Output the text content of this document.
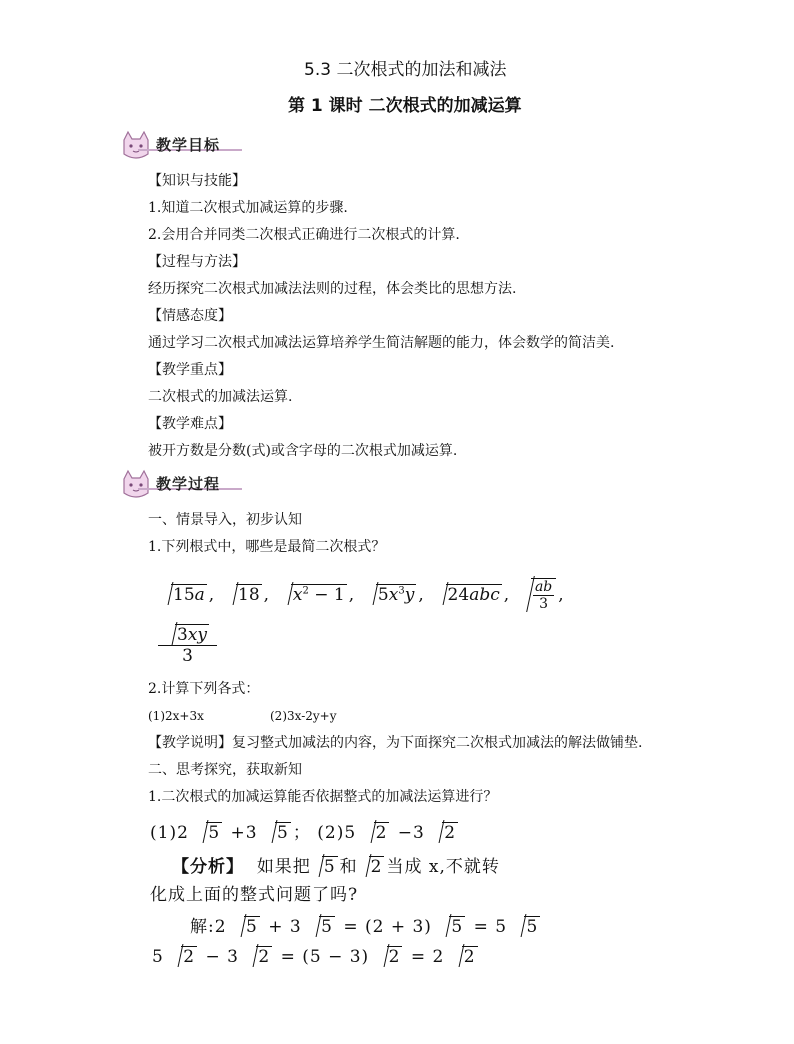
5.3 二次根式的加法和减法
第 1 课时 二次根式的加减运算
教学目标
【知识与技能】
1.知道二次根式加减运算的步骤.
2.会用合并同类二次根式正确进行二次根式的计算.
【过程与方法】
经历探究二次根式加减法法则的过程，体会类比的思想方法.
【情感态度】
通过学习二次根式加减法运算培养学生简洁解题的能力，体会数学的简洁美.
【教学重点】
二次根式的加减法运算.
【教学难点】
被开方数是分数(式)或含字母的二次根式加减运算.
教学过程
一、情景导入，初步认知
1.下列根式中，哪些是最简二次根式？
15a ,  18 ,  $x^2 - 1$ ,  $5x^3y$ ,  24abc , $\frac{ab}{3}$ ,
$\frac{3xy}{3}$
2.计算下列各式：
(1)2x+3x	(2)3x-2y+y
【教学说明】复习整式加减法的内容，为下面探究二次根式加减法的解法做铺垫.
二、思考探究，获取新知
1.二次根式的加减运算能否依据整式的加减法运算进行？
(1)2 5 +3 5 ； (2)5 2 −3 2
【分析】 如果把 5 和 2 当成 x,不就转
化成上面的整式问题了吗?
解:2 5 + 3 5 = (2 + 3) 5 = 5 5
5 2 − 3 2 = (5 − 3) 2 = 2 2
